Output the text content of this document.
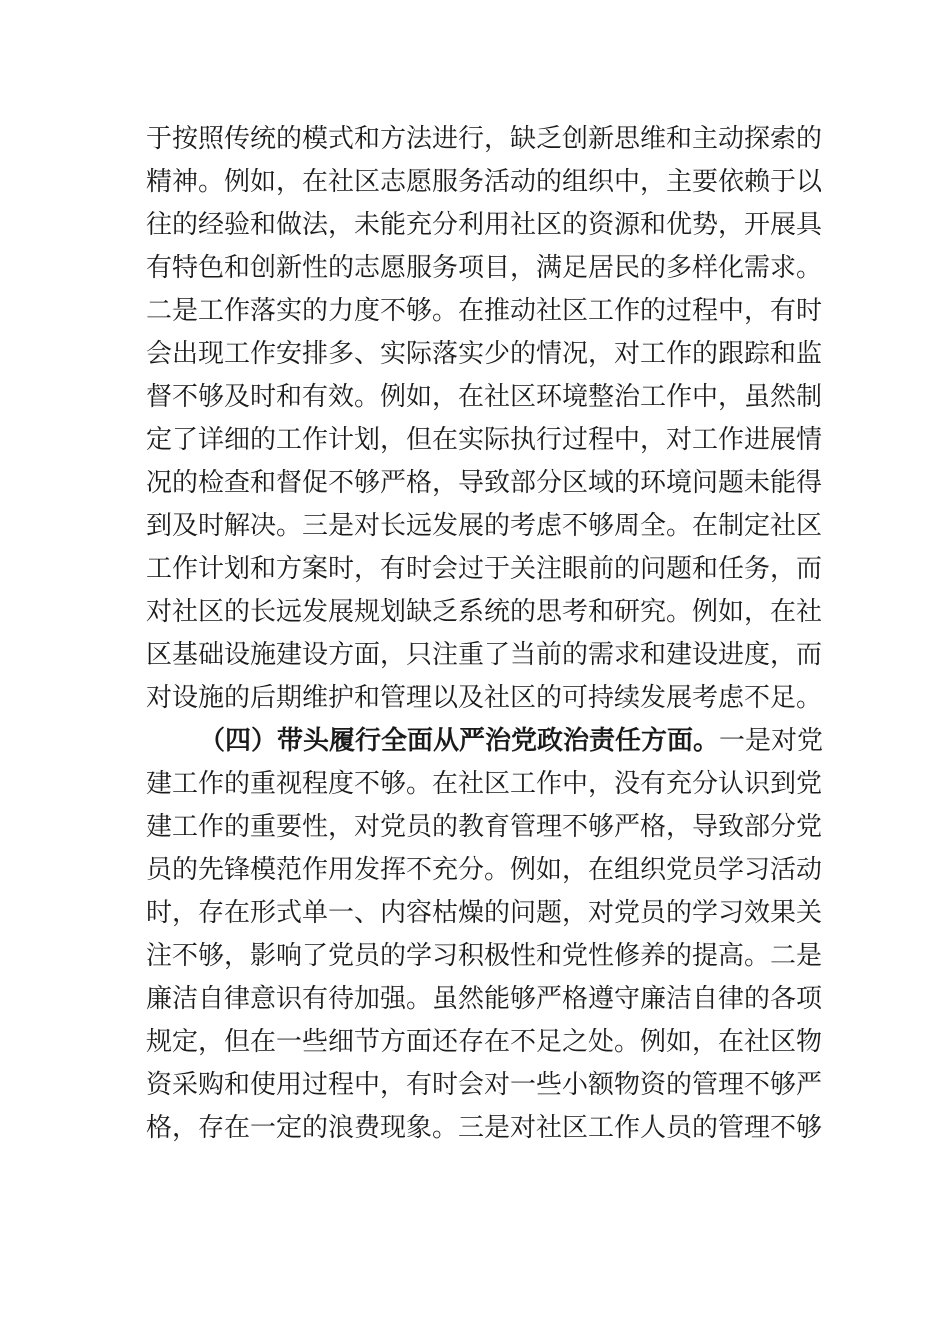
于按照传统的模式和方法进行，缺乏创新思维和主动探索的
精神。例如，在社区志愿服务活动的组织中，主要依赖于以
往的经验和做法，未能充分利用社区的资源和优势，开展具
有特色和创新性的志愿服务项目，满足居民的多样化需求。
二是工作落实的力度不够。在推动社区工作的过程中，有时
会出现工作安排多、实际落实少的情况，对工作的跟踪和监
督不够及时和有效。例如，在社区环境整治工作中，虽然制
定了详细的工作计划，但在实际执行过程中，对工作进展情
况的检查和督促不够严格，导致部分区域的环境问题未能得
到及时解决。三是对长远发展的考虑不够周全。在制定社区
工作计划和方案时，有时会过于关注眼前的问题和任务，而
对社区的长远发展规划缺乏系统的思考和研究。例如，在社
区基础设施建设方面，只注重了当前的需求和建设进度，而
对设施的后期维护和管理以及社区的可持续发展考虑不足。
（四）带头履行全面从严治党政治责任方面。一是对党
建工作的重视程度不够。在社区工作中，没有充分认识到党
建工作的重要性，对党员的教育管理不够严格，导致部分党
员的先锋模范作用发挥不充分。例如，在组织党员学习活动
时，存在形式单一、内容枯燥的问题，对党员的学习效果关
注不够，影响了党员的学习积极性和党性修养的提高。二是
廉洁自律意识有待加强。虽然能够严格遵守廉洁自律的各项
规定，但在一些细节方面还存在不足之处。例如，在社区物
资采购和使用过程中，有时会对一些小额物资的管理不够严
格，存在一定的浪费现象。三是对社区工作人员的管理不够
